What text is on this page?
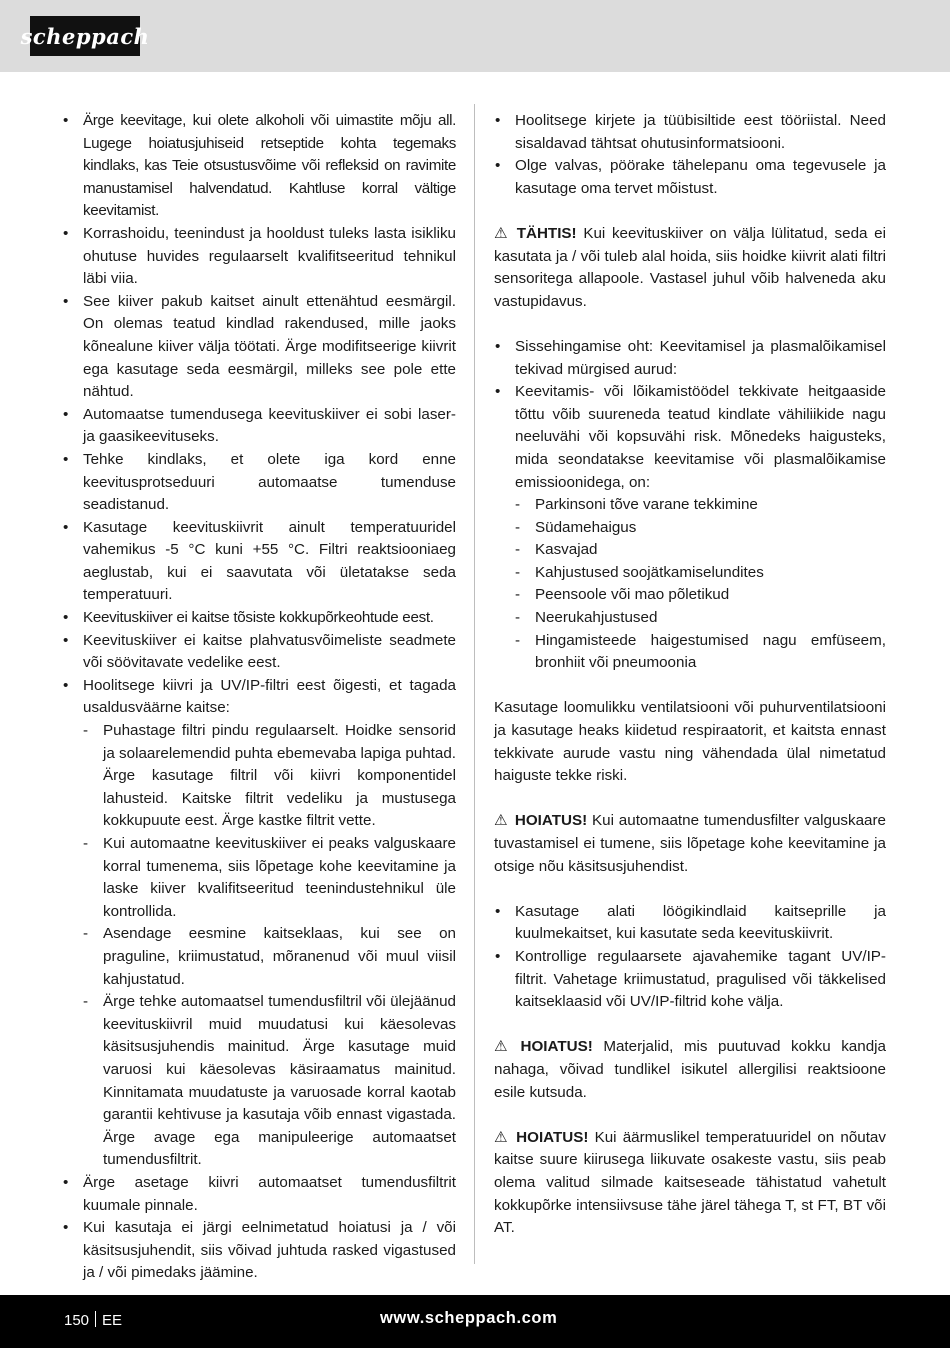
scheppach
• Ärge keevitage, kui olete alkoholi või uimastite mõju all. Lugege hoiatusjuhiseid retseptide kohta tegemaks kindlaks, kas Teie otsustusvõime või refleksid on ravimite manustamisel halvendatud. Kahtluse korral vältige keevitamist.
• Korrashoidu, teenindust ja hooldust tuleks lasta isikliku ohutuse huvides regulaarselt kvalifitseeritud tehnikul läbi viia.
• See kiiver pakub kaitset ainult ettenähtud eesmärgil. On olemas teatud kindlad rakendused, mille jaoks kõnealune kiiver välja töötati. Ärge modifitseerige kiivrit ega kasutage seda eesmärgil, milleks see pole ette nähtud.
• Automaatse tumendusega keevituskiiver ei sobi laser- ja gaasikeevituseks.
• Tehke kindlaks, et olete iga kord enne keevitusprotseduuri automaatse tumenduse seadistanud.
• Kasutage keevituskiivrit ainult temperatuuridel vahemikus -5 °C kuni +55 °C. Filtri reaktsiooniaeg aeglustab, kui ei saavutata või ületatakse seda temperatuuri.
• Keevituskiiver ei kaitse tõsiste kokkupõrkeohtude eest.
• Keevituskiiver ei kaitse plahvatusvõimeliste seadmete või söövitavate vedelike eest.
• Hoolitsege kiivri ja UV/IP-filtri eest õigesti, et tagada usaldusväärne kaitse:
- Puhastage filtri pindu regulaarselt. Hoidke sensorid ja solaarelemendid puhta ebemevaba lapiga puhtad. Ärge kasutage filtril või kiivri komponentidel lahusteid. Kaitske filtrit vedeliku ja mustusega kokkupuute eest. Ärge kastke filtrit vette.
- Kui automaatne keevituskiiver ei peaks valguskaare korral tumenema, siis lõpetage kohe keevitamine ja laske kiiver kvalifitseeritud teenindustehnikul üle kontrollida.
- Asendage eesmine kaitseklaas, kui see on praguline, kriimustatud, mõranenud või muul viisil kahjustatud.
- Ärge tehke automaatsel tumendusfiltril või ülejäänud keevituskiivril muid muudatusi kui käesolevas käsitsusjuhendis mainitud. Ärge kasutage muid varuosi kui käesolevas käsiraamatus mainitud. Kinnitamata muudatuste ja varuosade korral kaotab garantii kehtivuse ja kasutaja võib ennast vigastada. Ärge avage ega manipuleerige automaatset tumendusfiltrit.
• Ärge asetage kiivri automaatset tumendusfiltrit kuumale pinnale.
• Kui kasutaja ei järgi eelnimetatud hoiatusi ja / või käsitsusjuhendit, siis võivad juhtuda rasked vigastused ja / või pimedaks jäämine.
• Hoolitsege kirjete ja tüübisiltide eest tööriistal. Need sisaldavad tähtsat ohutusinformatsiooni.
• Olge valvas, pöörake tähelepanu oma tegevusele ja kasutage oma tervet mõistust.

⚠ TÄHTIS! Kui keevituskiiver on välja lülitatud, seda ei kasutata ja / või tuleb alal hoida, siis hoidke kiivrit alati filtri sensoritega allapoole. Vastasel juhul võib halveneda aku vastupidavus.

• Sissehingamise oht: Keevitamisel ja plasmalõikamisel tekivad mürgised aurud:
• Keevitamis- või lõikamistöödel tekkivate heitgaaside tõttu võib suureneda teatud kindlate vähiliikide nagu neeluvähi või kopsuvähi risk. Mõnedeks haigusteks, mida seondatakse keevitamise või plasmalõikamise emissioonidega, on:
- Parkinsoni tõve varane tekkimine
- Südamehaigus
- Kasvajad
- Kahjustused soojätkamiselundites
- Peensoole või mao põletikud
- Neerukahjustused
- Hingamisteede haigestumised nagu emfüseem, bronhiit või pneumoonia

Kasutage loomulikku ventilatsiooni või puhurventilatsiooni ja kasutage heaks kiidetud respiraatorit, et kaitsta ennast tekkivate aurude vastu ning vähendada ülal nimetatud haiguste tekke riski.

⚠ HOIATUS! Kui automaatne tumendusfilter valguskaare tuvastamisel ei tumene, siis lõpetage kohe keevitamine ja otsige nõu käsitsusjuhendist.

• Kasutage alati löögikindlaid kaitseprille ja kuulmekaitset, kui kasutate seda keevituskiivrit.
• Kontrollige regulaarsete ajavahemike tagant UV/IP-filtrit. Vahetage kriimustatud, pragulised või täkkelised kaitseklaasid või UV/IP-filtrid kohe välja.

⚠ HOIATUS! Materjalid, mis puutuvad kokku kandja nahaga, võivad tundlikel isikutel allergilisi reaktsioone esile kutsuda.

⚠ HOIATUS! Kui äärmuslikel temperatuuridel on nõutav kaitse suure kiirusega liikuvate osakeste vastu, siis peab olema valitud silmade kaitseseade tähistatud vahetult kokkupõrke intensiivsuse tähe järel tähega T, st FT, BT või AT.

150 EE	www.scheppach.com
